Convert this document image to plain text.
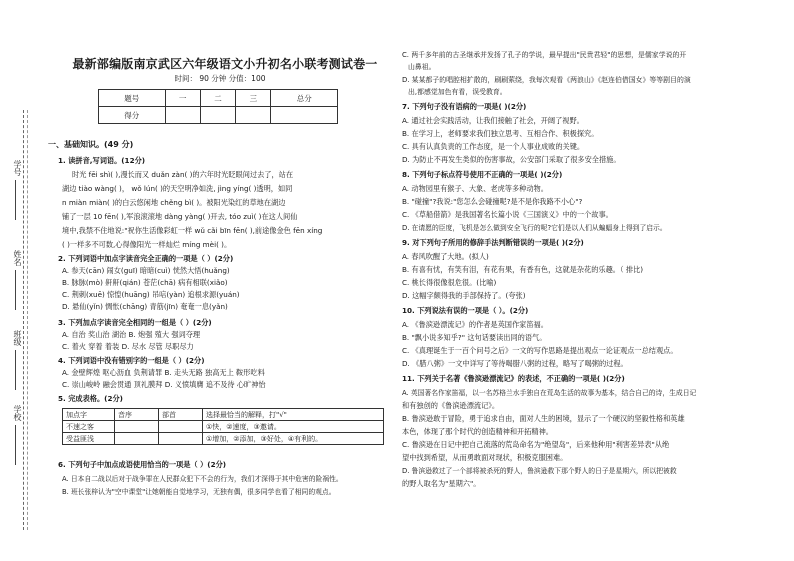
学号
姓名
班级
学校
最新部编版南京武区六年级语文小升初名小联考测试卷一
时间： 90 分钟 分值：100
题号	一	二	三	总分
得分				
一、基础知识。(49 分)
1. 读拼音,写词语。(12分)
时光 fēi shì( ),漫长而又 duǎn zàn( )的六年时光眨眼间过去了，站在
湖边 tiào wàng( )， wǒ lún( )的天空明净如洗, jìng yíng( )透明，如同
n miàn miàn( )的白云悠闲地 chěng bì( )。被阳光染红的草地在湖边
铺了一层 10 fēn( ),军浪滚滚地 dàng yàng( )开去, tóo zuì( )在这人间仙
境中,我禁不住地说:"祝你生活像彩虹一样 wǔ cǎi bīn fēn( ),前途像金色 fēn xíng
( )一样多不可数,心得像阳光一样灿烂 míng mèi( )。
2. 下列词语中加点字读音完全正确的一项是（ ）(2分)
A. 参天(cān) 闹女(guī) 暗暗(cuì) 恍然大悟(huǎng)
B. 脉脉(mò) 鼾鼾(qián) 苍茫(chā) 病有相联(xiǎo)
C. 荆刺(xuē) 惊惶(huāng) 吊唁(yàn) 追根求源(yuán)
D. 悬仙(yǐn) 惆怅(chāng) 青筋(jīn) 奄奄一息(yǎn)
3. 下列加点字读音完全相同的一组是（ ）(2分)
A. 自治 奖山治 湖治 B. 炮强 殖大 强词夺理
C. 着火 穿着 着装 D. 尽水 尽管 尽职尽力
4. 下列词语中没有错别字的一组是（ ）(2分)
A. 金壁辉煌 呕心沥血 负荆请罪 B. 走头无路 独高无上 鞍形吃料
C. 崇山峻岭 融会贯通 顶礼膜拜 D. 义愤填膺 追不及待 心旷神怡
5. 完成表格。(2分)
加点字	音序	部首	选择最恰当的解释，打"√"
不速之客			①快，②速度，③邀请。
受益匪浅			①增加，②添加，③好处，④有利的。
6. 下列句子中加点成语使用恰当的一项是（ ）(2分)
A. 日本自二战以后对于战争罪在人民群众犯下不会的行为，我们才深得于其中危害的险祸性。
B. 班长张梓认为"空中课堂"让她朝能自觉地学习，无独有偶，很多同学也看了相同的观点。
C. 两千多年前的古圣继承并发扬了孔子的学说，最早提出"民贵君轻"的思想，是儒家学说的开
山鼻祖。
D. 某某都子的唱腔相扩散的，刷刷萦绕，我每次观看《两浪山》《赵连伯借国女》等等剧目的演
出,都感觉加色有看，误受教育。
7. 下列句子没有语病的一项是( )(2分)
A. 通过社会实践活动，让我们接触了社会，开阔了视野。
B. 在学习上，老师要求我们独立思考、互相合作、积极探究。
C. 具有认真负责的工作态度，是一个人事业成败的关键。
D. 为防止不再发生类似的伤害事故，公安部门采取了很多安全措施。
8. 下列句子标点符号使用不正确的一项是( )(2分)
A. 动物园里有猴子、大象、老虎等多种动物。
B. "碰撞"?我说:"您怎么会碰撞呢?是不是你我路不小心"?
C. 《草船借箭》是我国著名长篇小说《三国演义》中的一个故事。
D. 在请愿的臣度，飞机是怎么做到安全飞行的呢?它们是以人们从蝙蝠身上得到了启示。
9. 对下列句子所用的修辞手法判断错误的一项是( )(2分)
A. 春风吹醒了大地。(拟人)
B. 有喜有忧，有笑有泪，有花有果，有香有色，这就是杂花的乐趣。（ 排比)
C. 桃长得很像很危很。(比喻)
D. 这幅字颇得我的手部保持了。(夸张)
10. 下列说法有误的一项是（ ）。(2分)
A. 《鲁滨逊漂流记》的作者是英国作家笛福。
B. "飘小说多知乎?" 这句话要读出同的语气。
C. 《真理诞生于一百个问号之后》一文的写作思路是提出观点一论证观点一总结观点。
D. 《腊八粥》一文中详写了等待喝腊八粥的过程，略写了喝粥的过程。
11. 下列关于名著《鲁滨逊漂流记》的表述，不正确的一项是( )(2分)
A. 英国著名作家笛福，以一名苏格兰水手独自在荒岛生活的故事为基本，结合自己的诗，生成日记
和有独创的《鲁滨逊漂流记》。
B. 鲁滨逊敢于冒险，勇于追求自由，面对人生的困境，显示了一个硬汉的坚毅性格和英雄
本色，体现了那个时代的创造精神和开拓精神。
C. 鲁滨逊在日记中把自己流落的荒岛命名为"绝望岛"，后来他种用"利害差异表"从绝
望中找到希望，从而勇敢面对现状，积极克服困难。
D. 鲁滨逊救过了一个部将被杀死的野人，鲁滨逊救下那个野人的日子是星期六，所以把被救
的野人取名为"星期六"。
